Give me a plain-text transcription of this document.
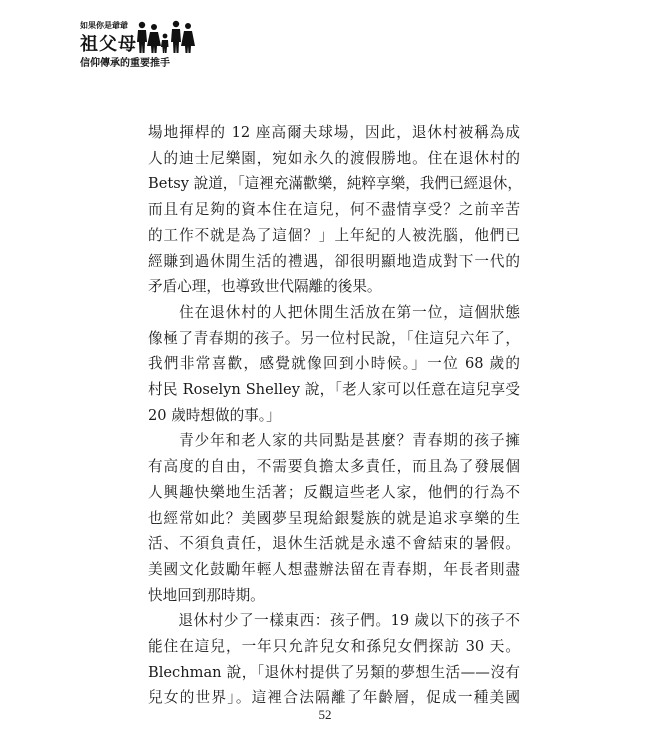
如果你是爺爺
祖父母
信仰傳承的重要推手

場地揮桿的 12 座高爾夫球場，因此，退休村被稱為成
人的迪士尼樂園，宛如永久的渡假勝地。住在退休村的
Betsy 說道，「這裡充滿歡樂，純粹享樂，我們已經退休，
而且有足夠的資本住在這兒，何不盡情享受？之前辛苦
的工作不就是為了這個？」上年紀的人被洗腦，他們已
經賺到過休閒生活的禮遇，卻很明顯地造成對下一代的
矛盾心理，也導致世代隔離的後果。

　　住在退休村的人把休閒生活放在第一位，這個狀態
像極了青春期的孩子。另一位村民說，「住這兒六年了，
我們非常喜歡，感覺就像回到小時候。」一位 68 歲的
村民 Roselyn Shelley 說，「老人家可以任意在這兒享受
20 歲時想做的事。」

　　青少年和老人家的共同點是甚麼？青春期的孩子擁
有高度的自由，不需要負擔太多責任，而且為了發展個
人興趣快樂地生活著；反觀這些老人家，他們的行為不
也經常如此？美國夢呈現給銀髮族的就是追求享樂的生
活、不須負責任，退休生活就是永遠不會結束的暑假。
美國文化鼓勵年輕人想盡辦法留在青春期，年長者則盡
快地回到那時期。

　　退休村少了一樣東西：孩子們。19 歲以下的孩子不
能住在這兒，一年只允許兒女和孫兒女們探訪 30 天。
Blechman 說，「退休村提供了另類的夢想生活——沒有
兒女的世界」。這裡合法隔離了年齡層，促成一種美國

52
